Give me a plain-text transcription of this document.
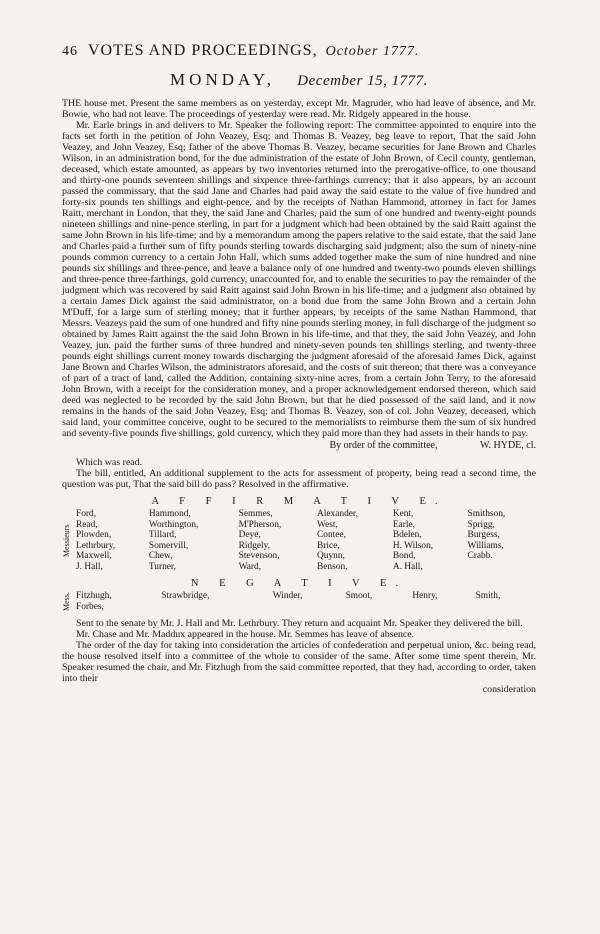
46 VOTES AND PROCEEDINGS, October 1777.
MONDAY, December 15, 1777.

THE house met. Present the same members as on yesterday, except Mr. Magruder, who had leave of absence, and Mr. Bowie, who had not leave. The proceedings of yesterday were read. Mr. Ridgely appeared in the house.

Mr. Earle brings in and delivers to Mr. Speaker the following report: The committee appointed to enquire into the facts set forth in the petition of John Veazey, Esq; and Thomas B. Veazey, beg leave to report, That the said John Veazey, and John Veazey, Esq; father of the above Thomas B. Veazey, became securities for Jane Brown and Charles Wilson, in an administration bond, for the due administration of the estate of John Brown, of Cecil county, gentleman, deceased, which estate amounted, as appears by two inventories returned into the prerogative-office, to one thousand and thirty-one pounds seventeen shillings and sixpence three-farthings currency; that it also appears, by an account passed the commissary, that the said Jane and Charles had paid away the said estate to the value of five hundred and forty-six pounds ten shillings and eight-pence, and by the receipts of Nathan Hammond, attorney in fact for James Raitt, merchant in London, that they, the said Jane and Charles, paid the sum of one hundred and twenty-eight pounds nineteen shillings and nine-pence sterling, in part for a judgment which had been obtained by the said Raitt against the same John Brown in his life-time; and by a memorandum among the papers relative to the said estate, that the said Jane and Charles paid a further sum of fifty pounds sterling towards discharging said judgment; also the sum of ninety-nine pounds common currency to a certain John Hall, which sums added together make the sum of nine hundred and nine pounds six shillings and three-pence, and leave a balance only of one hundred and twenty-two pounds eleven shillings and three-pence three-farthings, gold currency, unaccounted for, and to enable the securities to pay the remainder of the judgment which was recovered by said Raitt against said John Brown in his life-time; and a judgment also obtained by a certain James Dick against the said administrator, on a bond due from the same John Brown and a certain John M'Duff, for a large sum of sterling money; that it further appears, by receipts of the same Nathan Hammond, that Messrs. Veazeys paid the sum of one hundred and fifty nine pounds sterling money, in full discharge of the judgment so obtained by James Raitt against the the said John Brown in his life-time, and that they, the said John Veazey, and John Veazey, jun. paid the further sums of three hundred and ninety-seven pounds ten shillings sterling, and twenty-three pounds eight shillings current money towards discharging the judgment aforesaid of the aforesaid James Dick, against Jane Brown and Charles Wilson, the administrators aforesaid, and the costs of suit thereon; that there was a conveyance of part of a tract of land, called the Addition, containing sixty-nine acres, from a certain John Terry, to the aforesaid John Brown, with a receipt for the consideration money, and a proper acknowledgement endorsed thereon, which said deed was neglected to be recorded by the said John Brown, but that he died possessed of the said land, and it now remains in the hands of the said John Veazey, Esq; and Thomas B. Veazey, son of col. John Veazey, deceased, which said land, your committee conceive, ought to be secured to the memorialists to reimburse them the sum of six hundred and seventy-five pounds five shillings, gold currency, which they paid more than they had assets in their hands to pay.

By order of the committee,	W. HYDE, cl.

Which was read.

The bill, entitled, An additional supplement to the acts for assessment of property, being read a second time, the question was put, That the said bill do pass? Resolved in the affirmative.

A F F I R M A T I V E.
Messieurs
Ford,	Hammond,	Semmes,	Alexander,	Kent,	Smithson,
Read,	Worthington,	M'Pherson,	West,	Earle,	Sprigg,
Plowden,	Tillard,	Deye,	Contee,	Bdelen,	Burgess,
Lethrbury,	Somervill,	Ridgely,	Brice,	H. Wilson,	Williams,
Maxwell,	Chew,	Stevenson,	Quynn,	Bond,	Crabb.
J. Hall,	Turner,	Ward,	Benson,	A. Hall,	
N E G A T I V E.
Mess. Fitzhugh,	Strawbridge,	Winder,	Smoot,	Henry,	Smith,
Forbes,					

Sent to the senate by Mr. J. Hall and Mr. Lethrbury. They return and acquaint Mr. Speaker they delivered the bill.

Mr. Chase and Mr. Maddux appeared in the house. Mr. Semmes has leave of absence.

The order of the day for taking into consideration the articles of confederation and perpetual union, &c. being read, the house resolved itself into a committee of the whole to consider of the same. After some time spent therein, Mr. Speaker resumed the chair, and Mr. Fitzhugh from the said committee reported, that they had, according to order, taken into their

consideration
